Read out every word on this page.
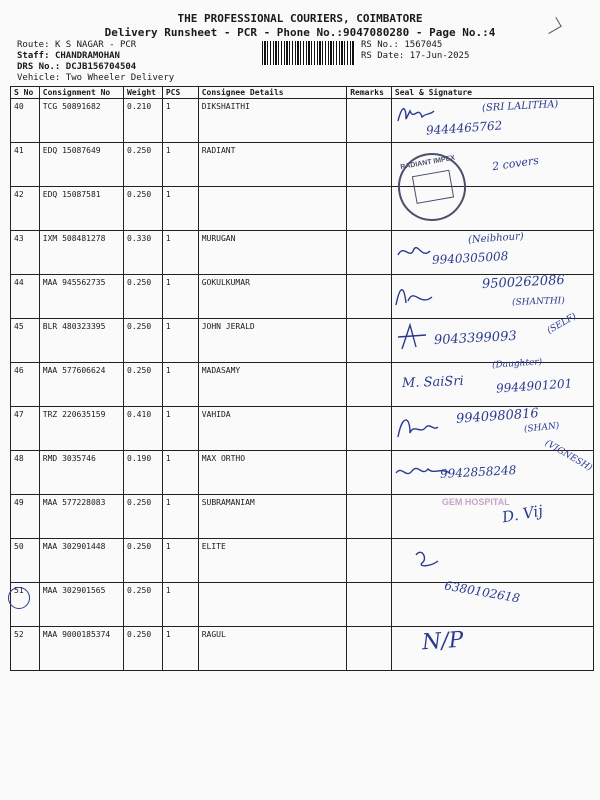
THE PROFESSIONAL COURIERS, COIMBATORE
Delivery Runsheet - PCR - Phone No.:9047080280 - Page No.:4
Route: K S NAGAR - PCR
Staff: CHANDRAMOHAN
DRS No.: DCJB156704504
Vehicle: Two Wheeler Delivery
RS No.: 1567045
RS Date: 17-Jun-2025
S No	Consignment No	Weight	PCS	Consignee Details	Remarks	Seal & Signature
40	TCG 50891682	0.210	1	DIKSHAITHI		(SRI LALITHA)
9444465762

41	EDQ 15087649	0.250	1	RADIANT		2 covers
RADIANT IMPEX

42	EDQ 15087581	0.250	1			
43	IXM 508481278	0.330	1	MURUGAN		(Neibhour)
9940305008

44	MAA 945562735	0.250	1	GOKULKUMAR		9500262086
(SHANTHI)

45	BLR 480323395	0.250	1	JOHN JERALD		9043399093
(SELF)

46	MAA 577606624	0.250	1	MADASAMY		(Daughter)
M. SaiSri 9944901201

47	TRZ 220635159	0.410	1	VAHIDA		9940980816
(SHAN)

48	RMD 3035746	0.190	1	MAX ORTHO		9942858248 (VIGNESH)

49	MAA 577228083	0.250	1	SUBRAMANIAM		GEM HOSPITAL
D. Vij

50	MAA 302901448	0.250	1	ELITE		

51	MAA 302901565	0.250	1			6380102618

52	MAA 9000185374	0.250	1	RAGUL		N/P
